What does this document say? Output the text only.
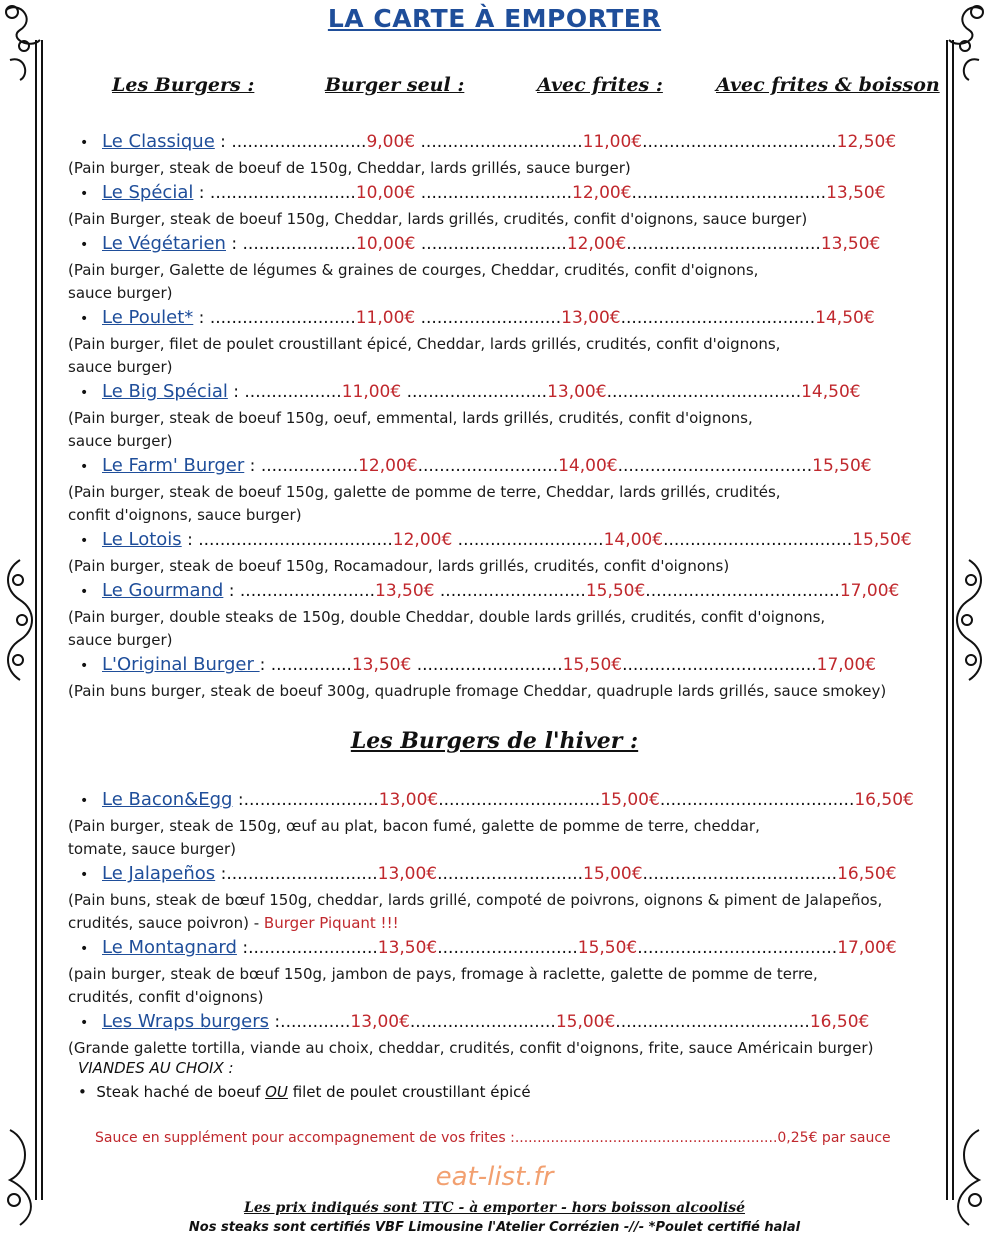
LA CARTE À EMPORTER
Les Burgers :	Burger seul :	Avec frites :	Avec frites & boisson
• Le Classique : .........................9,00€ ..............................11,00€....................................12,50€
(Pain burger, steak de boeuf de 150g, Cheddar, lards grillés, sauce burger)
• Le Spécial : ...........................10,00€ ............................12,00€....................................13,50€
(Pain Burger, steak de boeuf 150g, Cheddar, lards grillés, crudités, confit d'oignons, sauce burger)
• Le Végétarien : .....................10,00€ ...........................12,00€....................................13,50€
(Pain burger, Galette de légumes & graines de courges, Cheddar, crudités, confit d'oignons,
sauce burger)
• Le Poulet* : ...........................11,00€ ..........................13,00€....................................14,50€
(Pain burger, filet de poulet croustillant épicé, Cheddar, lards grillés, crudités, confit d'oignons,
sauce burger)
• Le Big Spécial : ..................11,00€ ..........................13,00€....................................14,50€
(Pain burger, steak de boeuf 150g, oeuf, emmental, lards grillés, crudités, confit d'oignons,
sauce burger)
• Le Farm' Burger : ..................12,00€..........................14,00€....................................15,50€
(Pain burger, steak de boeuf 150g, galette de pomme de terre, Cheddar, lards grillés, crudités,
confit d'oignons, sauce burger)
• Le Lotois : ....................................12,00€ ...........................14,00€...................................15,50€
(Pain burger, steak de boeuf 150g, Rocamadour, lards grillés, crudités, confit d'oignons)
• Le Gourmand : .........................13,50€ ...........................15,50€....................................17,00€
(Pain burger, double steaks de 150g, double Cheddar, double lards grillés, crudités, confit d'oignons,
sauce burger)
• L'Original Burger : ...............13,50€ ...........................15,50€....................................17,00€
(Pain buns burger, steak de boeuf 300g, quadruple fromage Cheddar, quadruple lards grillés, sauce smokey)
Les Burgers de l'hiver :
• Le Bacon&Egg :.........................13,00€..............................15,00€....................................16,50€
(Pain burger, steak de 150g, œuf au plat, bacon fumé, galette de pomme de terre, cheddar,
tomate, sauce burger)
• Le Jalapeños :............................13,00€...........................15,00€....................................16,50€
(Pain buns, steak de bœuf 150g, cheddar, lards grillé, compoté de poivrons, oignons & piment de Jalapeños,
crudités, sauce poivron) - Burger Piquant !!!
• Le Montagnard :........................13,50€..........................15,50€.....................................17,00€
(pain burger, steak de bœuf 150g, jambon de pays, fromage à raclette, galette de pomme de terre,
crudités, confit d'oignons)
• Les Wraps burgers :.............13,00€...........................15,00€....................................16,50€
(Grande galette tortilla, viande au choix, cheddar, crudités, confit d'oignons, frite, sauce Américain burger)
VIANDES AU CHOIX :
•  Steak haché de boeuf OU filet de poulet croustillant épicé
Sauce en supplément pour accompagnement de vos frites :...........................................................0,25€ par sauce
eat-list.fr
Les prix indiqués sont TTC - à emporter - hors boisson alcoolisé
Nos steaks sont certifiés VBF Limousine l'Atelier Corrézien -//- *Poulet certifié halal
